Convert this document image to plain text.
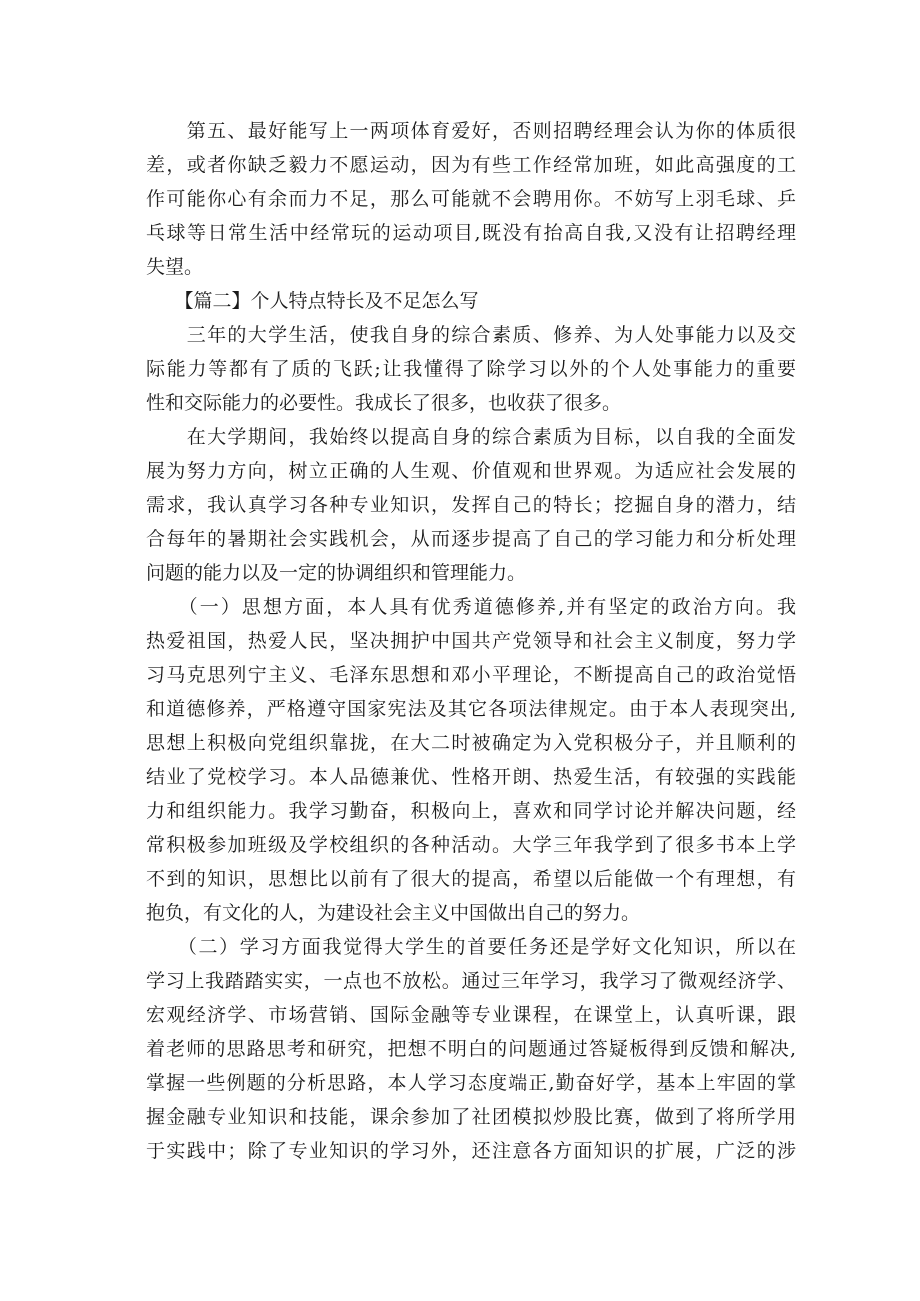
　　第五、最好能写上一两项体育爱好，否则招聘经理会认为你的体质很
差，或者你缺乏毅力不愿运动，因为有些工作经常加班，如此高强度的工
作可能你心有余而力不足，那么可能就不会聘用你。不妨写上羽毛球、乒
乓球等日常生活中经常玩的运动项目,既没有抬高自我,又没有让招聘经理
失望。
　　【篇二】个人特点特长及不足怎么写
　　三年的大学生活，使我自身的综合素质、修养、为人处事能力以及交
际能力等都有了质的飞跃;让我懂得了除学习以外的个人处事能力的重要
性和交际能力的必要性。我成长了很多，也收获了很多。
　　在大学期间，我始终以提高自身的综合素质为目标，以自我的全面发
展为努力方向，树立正确的人生观、价值观和世界观。为适应社会发展的
需求，我认真学习各种专业知识，发挥自己的特长；挖掘自身的潜力，结
合每年的暑期社会实践机会，从而逐步提高了自己的学习能力和分析处理
问题的能力以及一定的协调组织和管理能力。
　　（一）思想方面，本人具有优秀道德修养,并有坚定的政治方向。我
热爱祖国，热爱人民，坚决拥护中国共产党领导和社会主义制度，努力学
习马克思列宁主义、毛泽东思想和邓小平理论，不断提高自己的政治觉悟
和道德修养，严格遵守国家宪法及其它各项法律规定。由于本人表现突出,
思想上积极向党组织靠拢，在大二时被确定为入党积极分子，并且顺利的
结业了党校学习。本人品德兼优、性格开朗、热爱生活，有较强的实践能
力和组织能力。我学习勤奋，积极向上，喜欢和同学讨论并解决问题，经
常积极参加班级及学校组织的各种活动。大学三年我学到了很多书本上学
不到的知识，思想比以前有了很大的提高，希望以后能做一个有理想，有
抱负，有文化的人，为建设社会主义中国做出自己的努力。
　　（二）学习方面我觉得大学生的首要任务还是学好文化知识，所以在
学习上我踏踏实实，一点也不放松。通过三年学习，我学习了微观经济学、
宏观经济学、市场营销、国际金融等专业课程，在课堂上，认真听课，跟
着老师的思路思考和研究，把想不明白的问题通过答疑板得到反馈和解决,
掌握一些例题的分析思路，本人学习态度端正,勤奋好学，基本上牢固的掌
握金融专业知识和技能，课余参加了社团模拟炒股比赛，做到了将所学用
于实践中；除了专业知识的学习外，还注意各方面知识的扩展，广泛的涉
